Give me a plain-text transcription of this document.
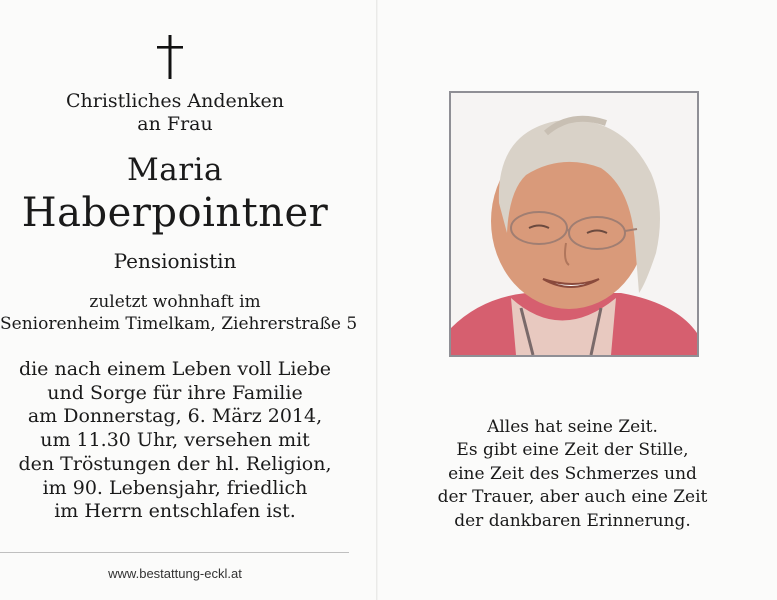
Christliches Andenken
an Frau
Maria
Haberpointner
Pensionistin
zuletzt wohnhaft im
Seniorenheim Timelkam, Ziehrerstraße 5
die nach einem Leben voll Liebe
und Sorge für ihre Familie
am Donnerstag, 6. März 2014,
um 11.30 Uhr, versehen mit
den Tröstungen der hl. Religion,
im 90. Lebensjahr, friedlich
im Herrn entschlafen ist.
www.bestattung-eckl.at
Alles hat seine Zeit.
Es gibt eine Zeit der Stille,
eine Zeit des Schmerzes und
der Trauer, aber auch eine Zeit
der dankbaren Erinnerung.
